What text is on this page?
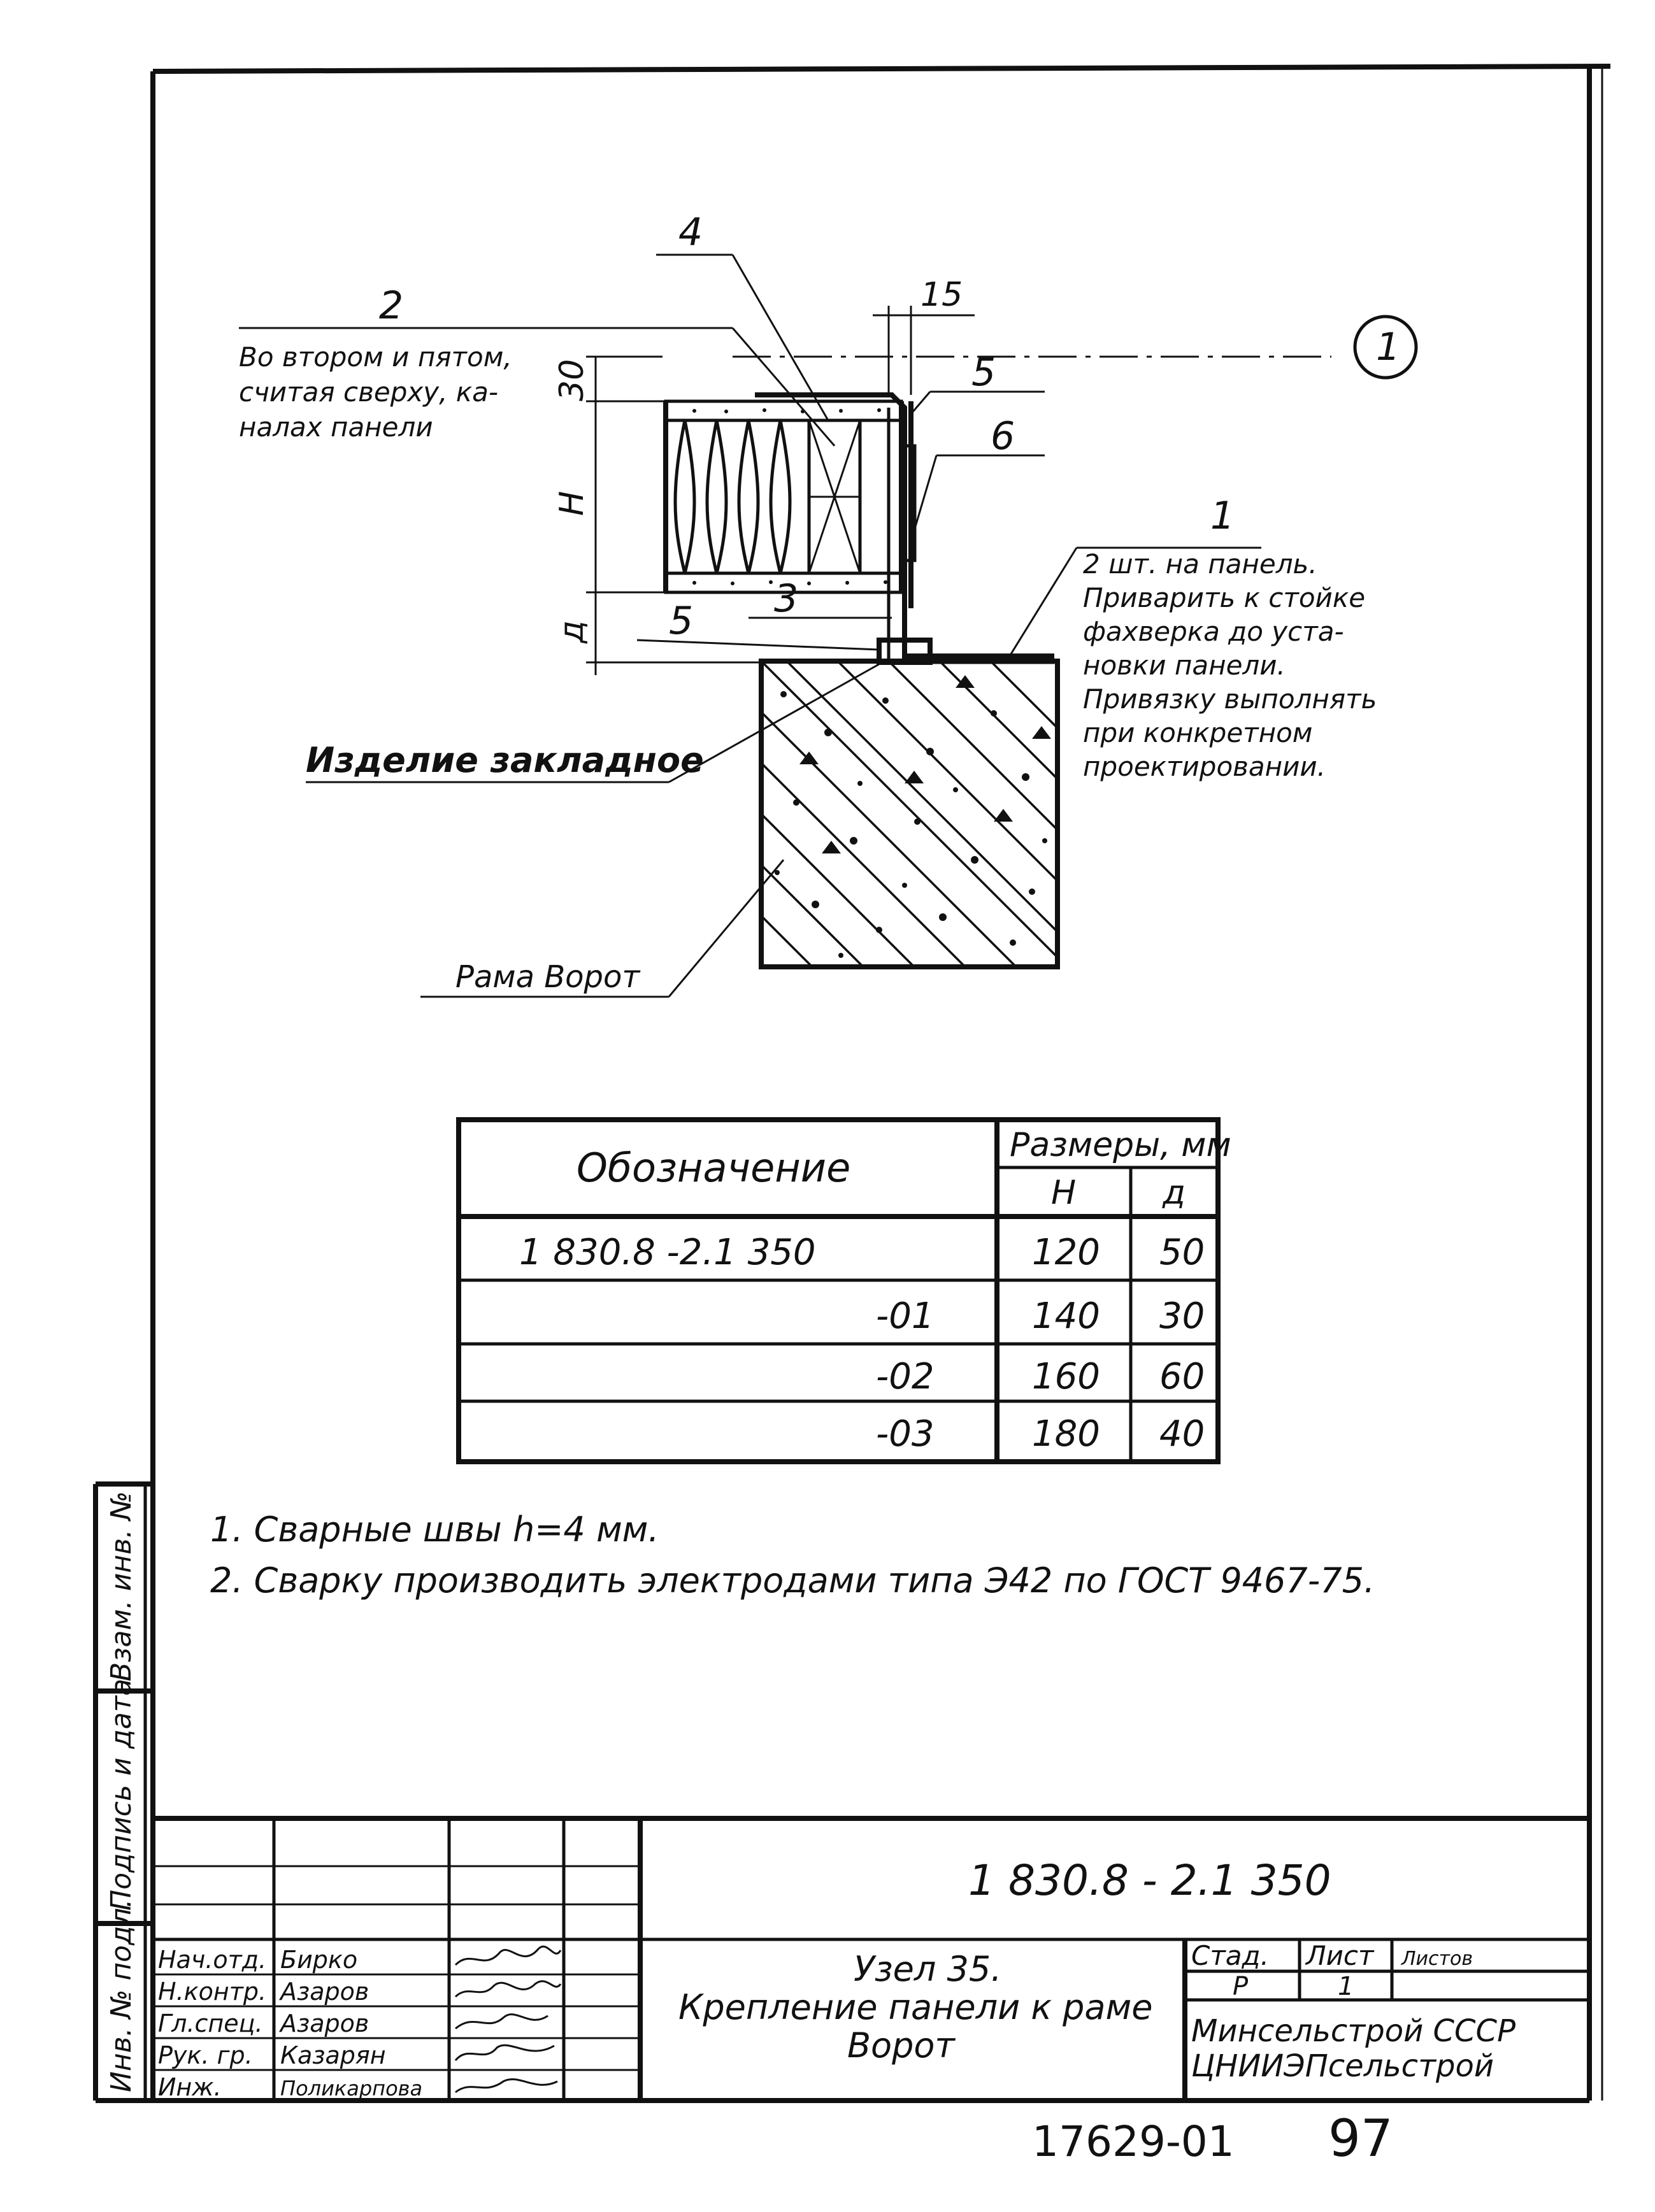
Инв. № подл.
Подпись и дата
Взам. инв. №
30
H
д
15
1
4
2
5
6
3
5
1
Во втором и пятом,
считая сверху, ка-
налах панели
2 шт. на панель.
Приварить к стойке
фахверка до уста-
новки панели.
Привязку выполнять
при конкретном
проектировании.
Изделие закладное
Рама Ворот
Обозначение	Размеры, мм
H	д
1 830.8 -2.1 350	120 50
-01	140 30
-02	160 60
-03	180 40
1. Сварные швы h=4 мм.
2. Сварку производить электродами типа Э42 по ГОСТ 9467-75.
1 830.8 - 2.1 350
Узел 35.
Крепление панели к раме
Ворот
Стад. Лист Листов
Р	1
Минсельстрой СССР
ЦНИИЭПсельстрой
Нач.отд. Бирко
Н.контр. Азаров
Гл.спец. Азаров
Рук. гр. Казарян
Инж.	Поликарпова
17629-01 97
